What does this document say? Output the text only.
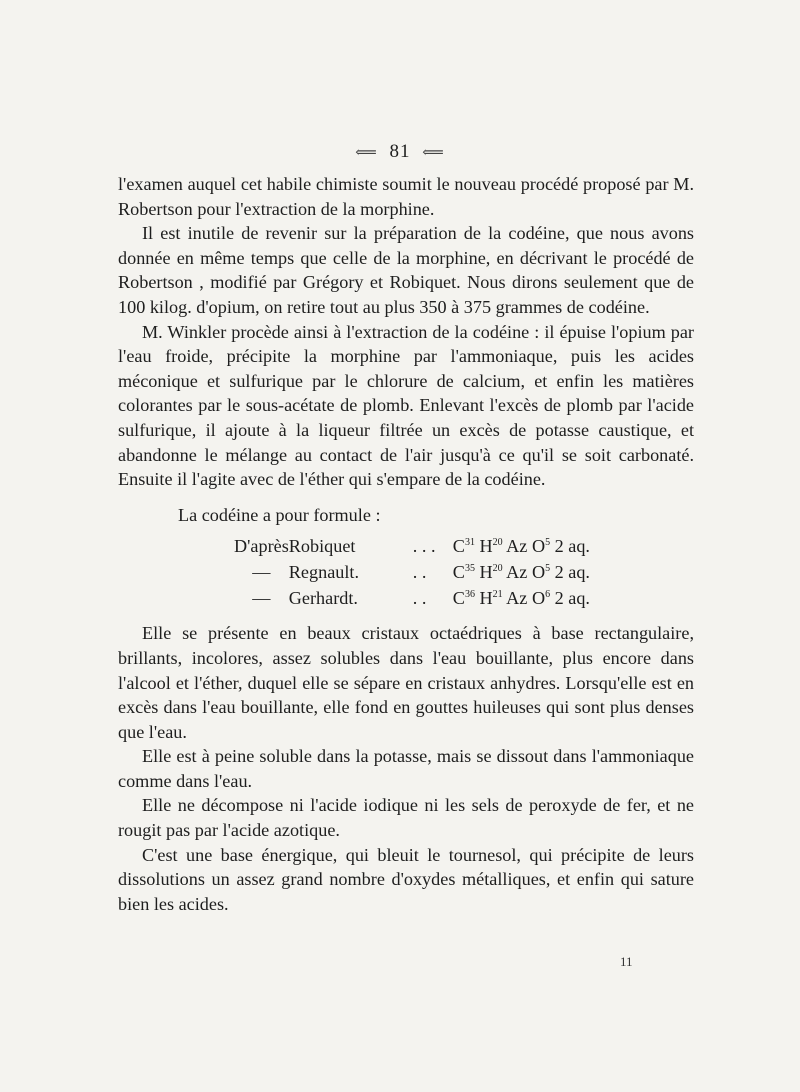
⟸ 81 ⟸

l'examen auquel cet habile chimiste soumit le nouveau procédé proposé par M. Robertson pour l'extraction de la morphine.

Il est inutile de revenir sur la préparation de la codéine, que nous avons donnée en même temps que celle de la morphine, en décrivant le procédé de Robertson , modifié par Grégory et Robiquet. Nous dirons seulement que de 100 kilog. d'opium, on retire tout au plus 350 à 375 grammes de codéine.

M. Winkler procède ainsi à l'extraction de la codéine : il épuise l'opium par l'eau froide, précipite la morphine par l'ammoniaque, puis les acides méconique et sulfurique par le chlorure de calcium, et enfin les matières colorantes par le sous-acétate de plomb. Enlevant l'excès de plomb par l'acide sulfurique, il ajoute à la liqueur filtrée un excès de potasse caustique, et abandonne le mélange au contact de l'air jusqu'à ce qu'il se soit carbonaté. Ensuite il l'agite avec de l'éther qui s'empare de la codéine.

La codéine a pour formule :

D'après	Robiquet	. . .	$C^{31}$ $H^{20}$ Az $O^5$ 2 aq.
—	Regnault.	. .	$C^{35}$ $H^{20}$ Az $O^5$ 2 aq.
—	Gerhardt.	. .	$C^{36}$ $H^{21}$ Az $O^6$ 2 aq.

Elle se présente en beaux cristaux octaédriques à base rectangulaire, brillants, incolores, assez solubles dans l'eau bouillante, plus encore dans l'alcool et l'éther, duquel elle se sépare en cristaux anhydres. Lorsqu'elle est en excès dans l'eau bouillante, elle fond en gouttes huileuses qui sont plus denses que l'eau.

Elle est à peine soluble dans la potasse, mais se dissout dans l'ammoniaque comme dans l'eau.

Elle ne décompose ni l'acide iodique ni les sels de peroxyde de fer, et ne rougit pas par l'acide azotique.

C'est une base énergique, qui bleuit le tournesol, qui précipite de leurs dissolutions un assez grand nombre d'oxydes métalliques, et enfin qui sature bien les acides.

11
